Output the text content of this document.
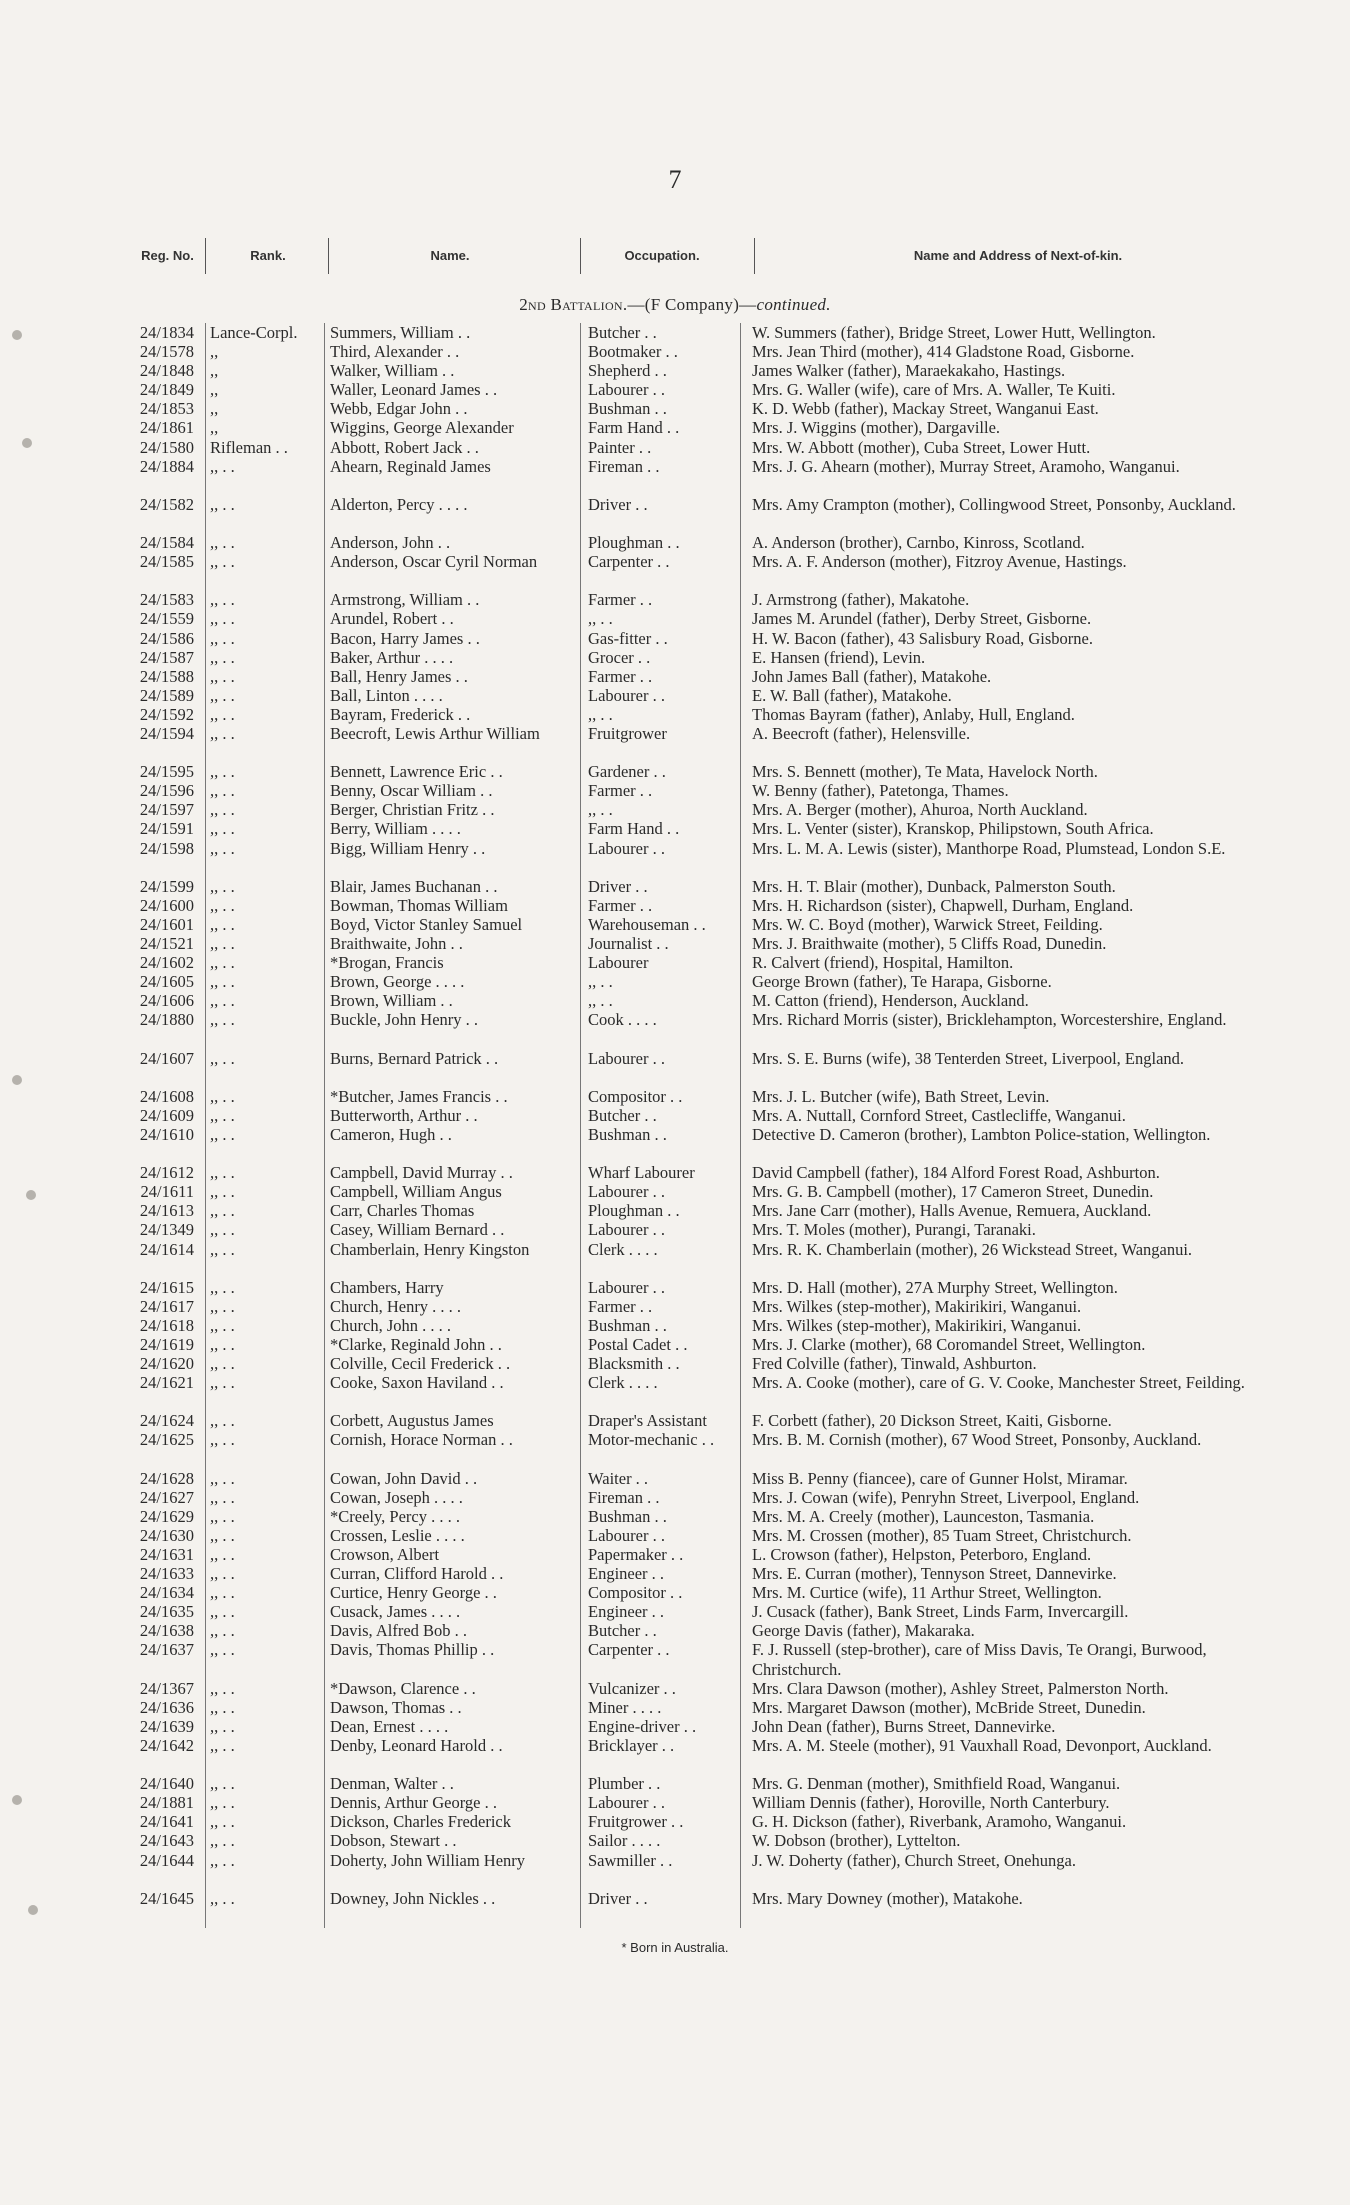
7
Reg. No.	Rank.	Name.	Occupation.	Name and Address of Next-of-kin.
2nd Battalion.—(F Company)—continued.
24/1834 Lance-Corpl.	Summers, William . .	Butcher . .	W. Summers (father), Bridge Street, Lower Hutt, Wellington.
24/1578 ,,	Third, Alexander . .	Bootmaker . .	Mrs. Jean Third (mother), 414 Gladstone Road, Gisborne.
24/1848 ,,	Walker, William . .	Shepherd . .	James Walker (father), Maraekakaho, Hastings.
24/1849 ,,	Waller, Leonard James . .	Labourer . .	Mrs. G. Waller (wife), care of Mrs. A. Waller, Te Kuiti.
24/1853 ,,	Webb, Edgar John . .	Bushman . .	K. D. Webb (father), Mackay Street, Wanganui East.
24/1861 ,,	Wiggins, George Alexander	Farm Hand . .	Mrs. J. Wiggins (mother), Dargaville.
24/1580 Rifleman . .	Abbott, Robert Jack . .	Painter . .	Mrs. W. Abbott (mother), Cuba Street, Lower Hutt.
24/1884 ,, . .	Ahearn, Reginald James	Fireman . .	Mrs. J. G. Ahearn (mother), Murray Street, Aramoho, Wanganui.
24/1582 ,, . .	Alderton, Percy . . . .	Driver . .	Mrs. Amy Crampton (mother), Collingwood Street, Ponsonby, Auckland.
24/1584 ,, . .	Anderson, John . .	Ploughman . .	A. Anderson (brother), Carnbo, Kinross, Scotland.
24/1585 ,, . .	Anderson, Oscar Cyril Norman	Carpenter . .	Mrs. A. F. Anderson (mother), Fitzroy Avenue, Hastings.
24/1583 ,, . .	Armstrong, William . .	Farmer . .	J. Armstrong (father), Makatohe.
24/1559 ,, . .	Arundel, Robert . .	,, . .	James M. Arundel (father), Derby Street, Gisborne.
24/1586 ,, . .	Bacon, Harry James . .	Gas-fitter . .	H. W. Bacon (father), 43 Salisbury Road, Gisborne.
24/1587 ,, . .	Baker, Arthur . . . .	Grocer . .	E. Hansen (friend), Levin.
24/1588 ,, . .	Ball, Henry James . .	Farmer . .	John James Ball (father), Matakohe.
24/1589 ,, . .	Ball, Linton . . . .	Labourer . .	E. W. Ball (father), Matakohe.
24/1592 ,, . .	Bayram, Frederick . .	,, . .	Thomas Bayram (father), Anlaby, Hull, England.
24/1594 ,, . .	Beecroft, Lewis Arthur William	Fruitgrower	A. Beecroft (father), Helensville.
24/1595 ,, . .	Bennett, Lawrence Eric . .	Gardener . .	Mrs. S. Bennett (mother), Te Mata, Havelock North.
24/1596 ,, . .	Benny, Oscar William . .	Farmer . .	W. Benny (father), Patetonga, Thames.
24/1597 ,, . .	Berger, Christian Fritz . .	,, . .	Mrs. A. Berger (mother), Ahuroa, North Auckland.
24/1591 ,, . .	Berry, William . . . .	Farm Hand . .	Mrs. L. Venter (sister), Kranskop, Philipstown, South Africa.
24/1598 ,, . .	Bigg, William Henry . .	Labourer . .	Mrs. L. M. A. Lewis (sister), Manthorpe Road, Plumstead, London S.E.
24/1599 ,, . .	Blair, James Buchanan . .	Driver . .	Mrs. H. T. Blair (mother), Dunback, Palmerston South.
24/1600 ,, . .	Bowman, Thomas William	Farmer . .	Mrs. H. Richardson (sister), Chapwell, Durham, England.
24/1601 ,, . .	Boyd, Victor Stanley Samuel	Warehouseman . .	Mrs. W. C. Boyd (mother), Warwick Street, Feilding.
24/1521 ,, . .	Braithwaite, John . .	Journalist . .	Mrs. J. Braithwaite (mother), 5 Cliffs Road, Dunedin.
24/1602 ,, . .	*Brogan, Francis	Labourer	R. Calvert (friend), Hospital, Hamilton.
24/1605 ,, . .	Brown, George . . . .	,, . .	George Brown (father), Te Harapa, Gisborne.
24/1606 ,, . .	Brown, William . .	,, . .	M. Catton (friend), Henderson, Auckland.
24/1880 ,, . .	Buckle, John Henry . .	Cook . . . .	Mrs. Richard Morris (sister), Bricklehampton, Worcestershire, England.
24/1607 ,, . .	Burns, Bernard Patrick . .	Labourer . .	Mrs. S. E. Burns (wife), 38 Tenterden Street, Liverpool, England.
24/1608 ,, . .	*Butcher, James Francis . .	Compositor . .	Mrs. J. L. Butcher (wife), Bath Street, Levin.
24/1609 ,, . .	Butterworth, Arthur . .	Butcher . .	Mrs. A. Nuttall, Cornford Street, Castlecliffe, Wanganui.
24/1610 ,, . .	Cameron, Hugh . .	Bushman . .	Detective D. Cameron (brother), Lambton Police-station, Wellington.
24/1612 ,, . .	Campbell, David Murray . .	Wharf Labourer	David Campbell (father), 184 Alford Forest Road, Ashburton.
24/1611 ,, . .	Campbell, William Angus	Labourer . .	Mrs. G. B. Campbell (mother), 17 Cameron Street, Dunedin.
24/1613 ,, . .	Carr, Charles Thomas	Ploughman . .	Mrs. Jane Carr (mother), Halls Avenue, Remuera, Auckland.
24/1349 ,, . .	Casey, William Bernard . .	Labourer . .	Mrs. T. Moles (mother), Purangi, Taranaki.
24/1614 ,, . .	Chamberlain, Henry Kingston	Clerk . . . .	Mrs. R. K. Chamberlain (mother), 26 Wickstead Street, Wanganui.
24/1615 ,, . .	Chambers, Harry	Labourer . .	Mrs. D. Hall (mother), 27A Murphy Street, Wellington.
24/1617 ,, . .	Church, Henry . . . .	Farmer . .	Mrs. Wilkes (step-mother), Makirikiri, Wanganui.
24/1618 ,, . .	Church, John . . . .	Bushman . .	Mrs. Wilkes (step-mother), Makirikiri, Wanganui.
24/1619 ,, . .	*Clarke, Reginald John . .	Postal Cadet . .	Mrs. J. Clarke (mother), 68 Coromandel Street, Wellington.
24/1620 ,, . .	Colville, Cecil Frederick . .	Blacksmith . .	Fred Colville (father), Tinwald, Ashburton.
24/1621 ,, . .	Cooke, Saxon Haviland . .	Clerk . . . .	Mrs. A. Cooke (mother), care of G. V. Cooke, Manchester Street, Feilding.
24/1624 ,, . .	Corbett, Augustus James	Draper's Assistant	F. Corbett (father), 20 Dickson Street, Kaiti, Gisborne.
24/1625 ,, . .	Cornish, Horace Norman . .	Motor-mechanic . .	Mrs. B. M. Cornish (mother), 67 Wood Street, Ponsonby, Auckland.
24/1628 ,, . .	Cowan, John David . .	Waiter . .	Miss B. Penny (fiancee), care of Gunner Holst, Miramar.
24/1627 ,, . .	Cowan, Joseph . . . .	Fireman . .	Mrs. J. Cowan (wife), Penryhn Street, Liverpool, England.
24/1629 ,, . .	*Creely, Percy . . . .	Bushman . .	Mrs. M. A. Creely (mother), Launceston, Tasmania.
24/1630 ,, . .	Crossen, Leslie . . . .	Labourer . .	Mrs. M. Crossen (mother), 85 Tuam Street, Christchurch.
24/1631 ,, . .	Crowson, Albert	Papermaker . .	L. Crowson (father), Helpston, Peterboro, England.
24/1633 ,, . .	Curran, Clifford Harold . .	Engineer . .	Mrs. E. Curran (mother), Tennyson Street, Dannevirke.
24/1634 ,, . .	Curtice, Henry George . .	Compositor . .	Mrs. M. Curtice (wife), 11 Arthur Street, Wellington.
24/1635 ,, . .	Cusack, James . . . .	Engineer . .	J. Cusack (father), Bank Street, Linds Farm, Invercargill.
24/1638 ,, . .	Davis, Alfred Bob . .	Butcher . .	George Davis (father), Makaraka.
24/1637 ,, . .	Davis, Thomas Phillip . .	Carpenter . .	F. J. Russell (step-brother), care of Miss Davis, Te Orangi, Burwood, Christchurch.
24/1367 ,, . .	*Dawson, Clarence . .	Vulcanizer . .	Mrs. Clara Dawson (mother), Ashley Street, Palmerston North.
24/1636 ,, . .	Dawson, Thomas . .	Miner . . . .	Mrs. Margaret Dawson (mother), McBride Street, Dunedin.
24/1639 ,, . .	Dean, Ernest . . . .	Engine-driver . .	John Dean (father), Burns Street, Dannevirke.
24/1642 ,, . .	Denby, Leonard Harold . .	Bricklayer . .	Mrs. A. M. Steele (mother), 91 Vauxhall Road, Devonport, Auckland.
24/1640 ,, . .	Denman, Walter . .	Plumber . .	Mrs. G. Denman (mother), Smithfield Road, Wanganui.
24/1881 ,, . .	Dennis, Arthur George . .	Labourer . .	William Dennis (father), Horoville, North Canterbury.
24/1641 ,, . .	Dickson, Charles Frederick	Fruitgrower . .	G. H. Dickson (father), Riverbank, Aramoho, Wanganui.
24/1643 ,, . .	Dobson, Stewart . .	Sailor . . . .	W. Dobson (brother), Lyttelton.
24/1644 ,, . .	Doherty, John William Henry	Sawmiller . .	J. W. Doherty (father), Church Street, Onehunga.
24/1645 ,, . .	Downey, John Nickles . .	Driver . .	Mrs. Mary Downey (mother), Matakohe.
* Born in Australia.
